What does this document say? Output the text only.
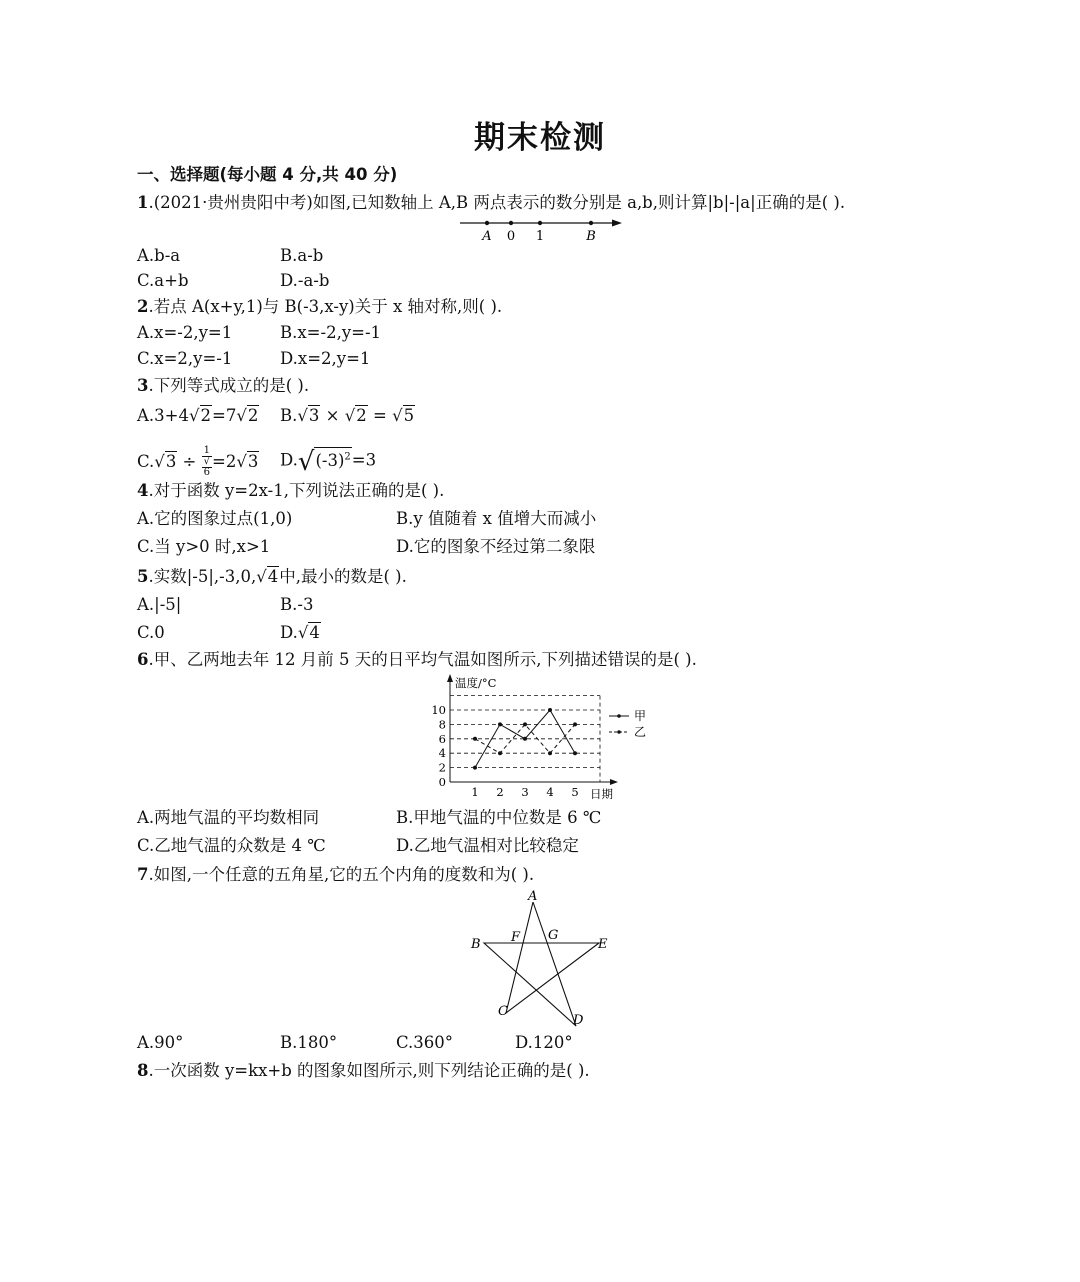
期末检测
一、选择题(每小题 4 分,共 40 分)
1.(2021·贵州贵阳中考)如图,已知数轴上 A,B 两点表示的数分别是 a,b,则计算|b|-|a|正确的是( ).
A 0 1	B
A.b-a	B.a-b
C.a+b	D.-a-b
2.若点 A(x+y,1)与 B(-3,x-y)关于 x 轴对称,则( ).
A.x=-2,y=1	B.x=-2,y=-1
C.x=2,y=-1	D.x=2,y=1
3.下列等式成立的是( ).
A.3+4√2=7√2 B.√3 × √2 = √5
C.√3 ÷ 1
√
6 =2√3 $D.√(-3)^2=3$
4.对于函数 y=2x-1,下列说法正确的是( ).
A.它的图象过点(1,0)	B.y 值随着 x 值增大而减小
C.当 y>0 时,x>1	D.它的图象不经过第二象限
5.实数|-5|,-3,0,√4中,最小的数是( ).
A.|-5|	B.-3
C.0	D.√4
6.甲、乙两地去年 12 月前 5 天的日平均气温如图所示,下列描述错误的是( ).
温度/°C
日期
0
2
4
6
8
10
1 2 3 4 5
甲
乙
A.两地气温的平均数相同	B.甲地气温的中位数是 6 ℃
C.乙地气温的众数是 4 ℃	D.乙地气温相对比较稳定
7.如图,一个任意的五角星,它的五个内角的度数和为( ).
A
B
C
D
E
F G
A.90°	B.180°	C.360°	D.120°
8.一次函数 y=kx+b 的图象如图所示,则下列结论正确的是( ).
